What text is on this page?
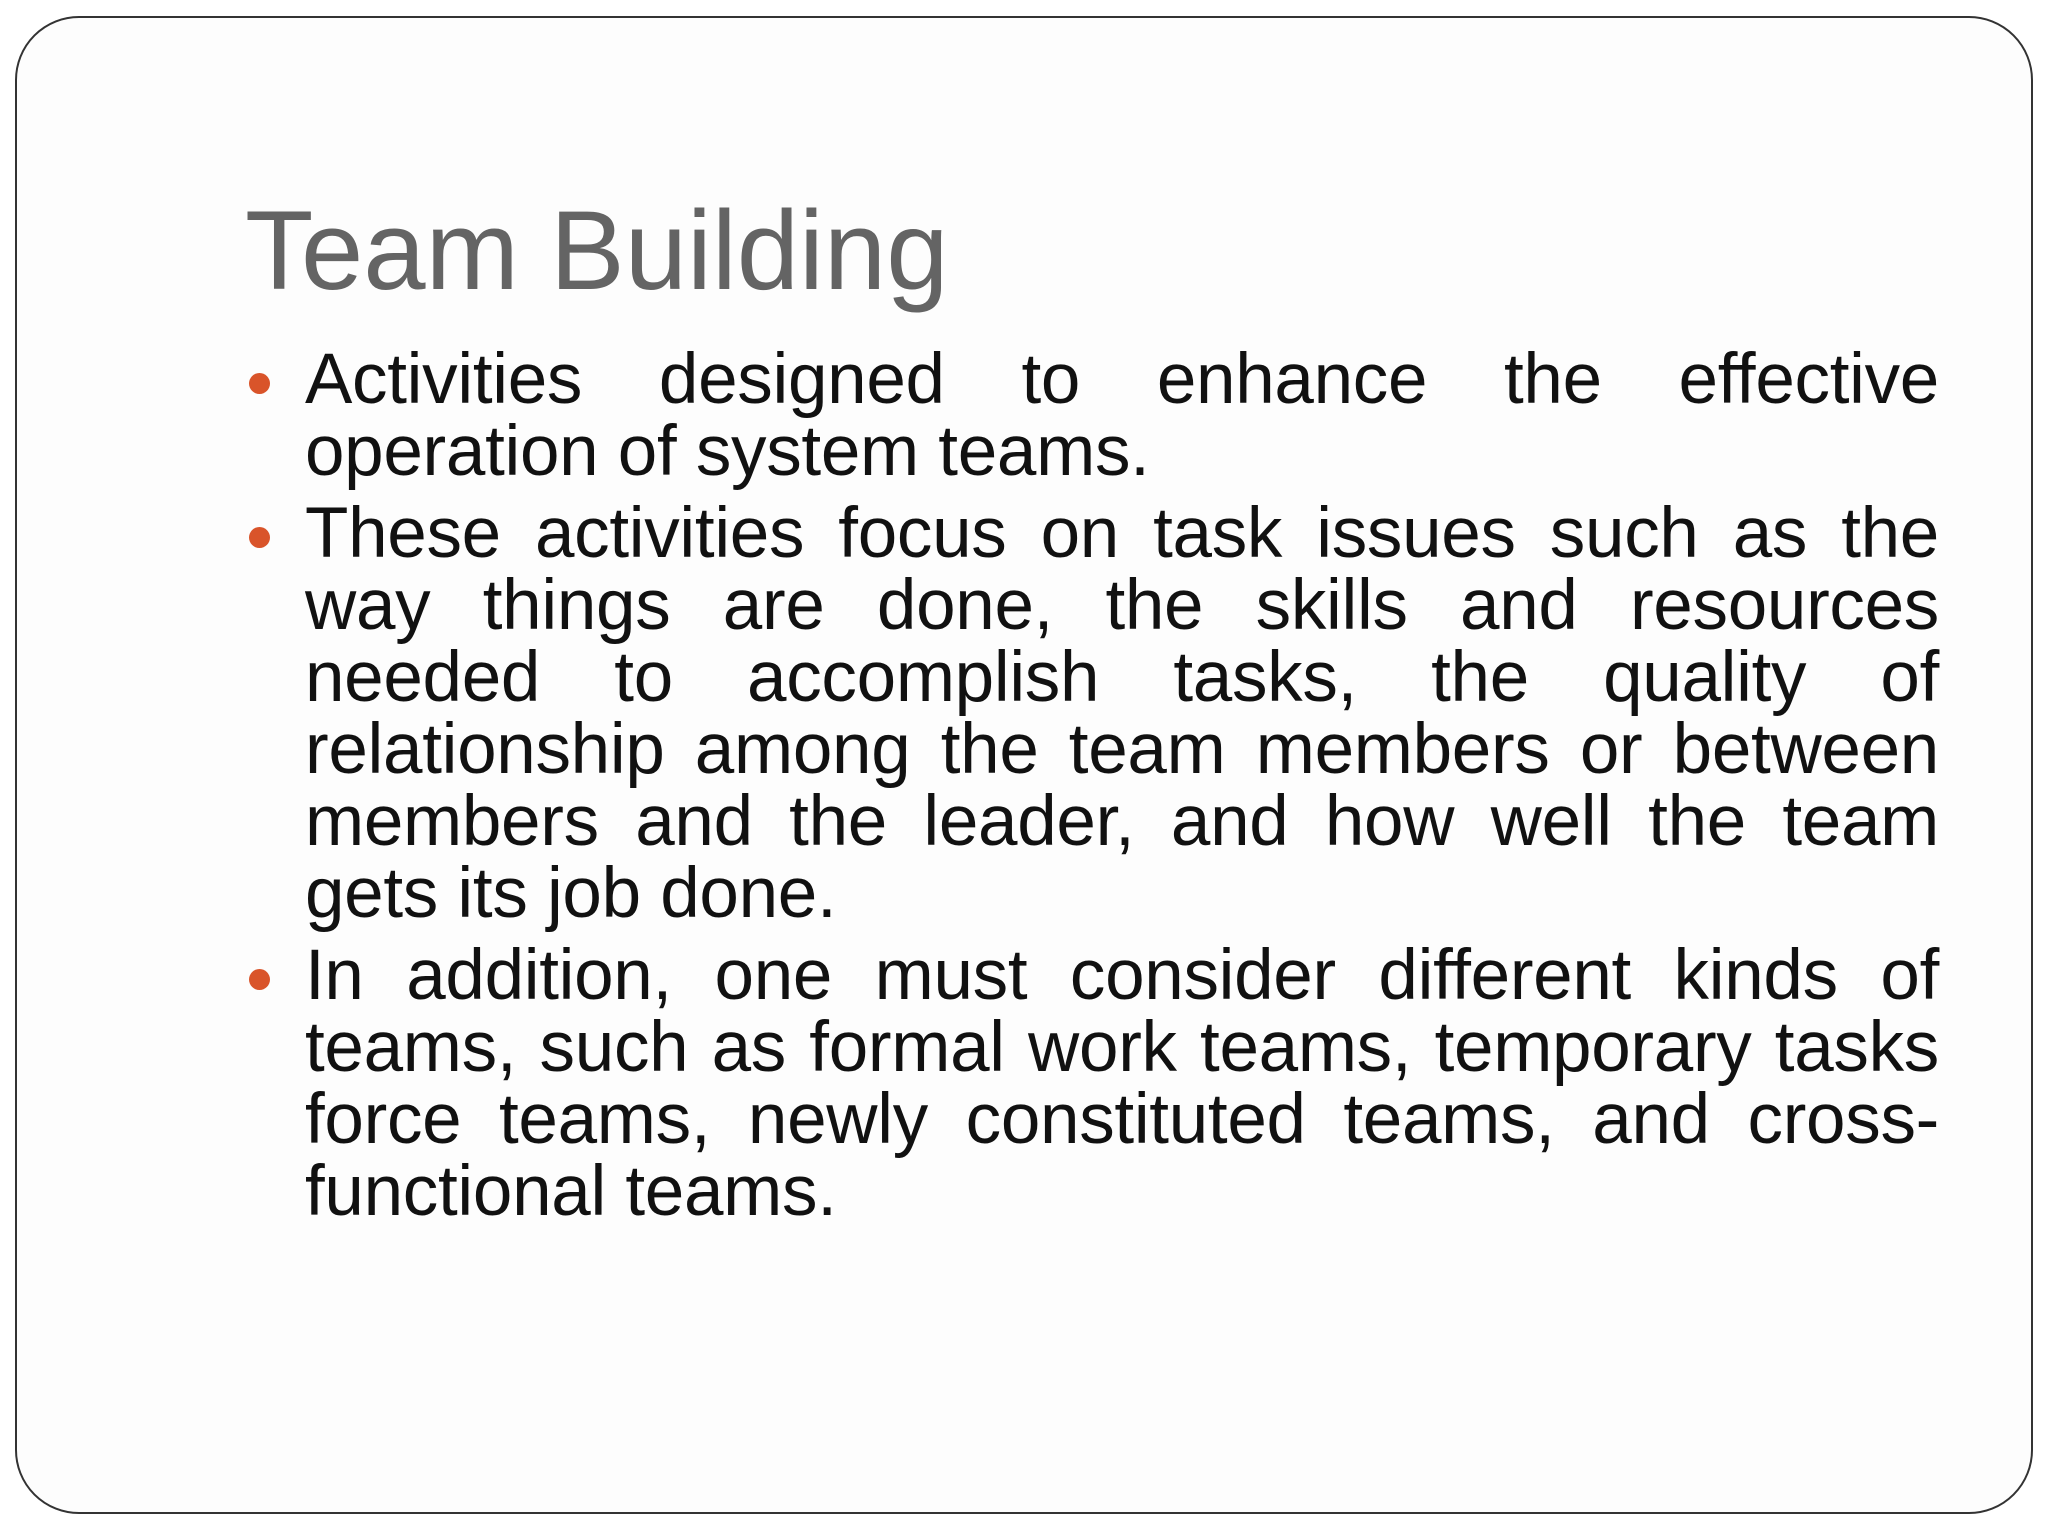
Team Building
Activities designed to enhance the effective operation of system teams.
These activities focus on task issues such as the way things are done, the skills and resources needed to accomplish tasks, the quality of relationship among the team members or between members and the leader, and how well the team gets its job done.
In addition, one must consider different kinds of teams, such as formal work teams, temporary tasks force teams, newly constituted teams, and cross-functional teams.
